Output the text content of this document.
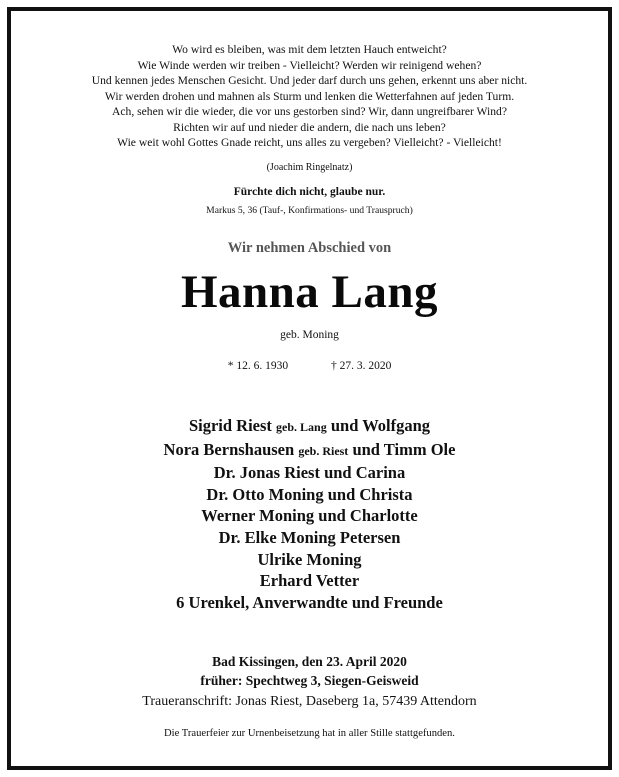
Wo wird es bleiben, was mit dem letzten Hauch entweicht?
Wie Winde werden wir treiben - Vielleicht? Werden wir reinigend wehen?
Und kennen jedes Menschen Gesicht. Und jeder darf durch uns gehen, erkennt uns aber nicht.
Wir werden drohen und mahnen als Sturm und lenken die Wetterfahnen auf jeden Turm.
Ach, sehen wir die wieder, die vor uns gestorben sind? Wir, dann ungreifbarer Wind?
Richten wir auf und nieder die andern, die nach uns leben?
Wie weit wohl Gottes Gnade reicht, uns alles zu vergeben? Vielleicht? - Vielleicht!
(Joachim Ringelnatz)
Fürchte dich nicht, glaube nur.
Markus 5, 36 (Tauf-, Konfirmations- und Trauspruch)
Wir nehmen Abschied von
Hanna Lang
geb. Moning
* 12. 6. 1930	† 27. 3. 2020
Sigrid Riest geb. Lang und Wolfgang
Nora Bernshausen geb. Riest und Timm Ole
Dr. Jonas Riest und Carina
Dr. Otto Moning und Christa
Werner Moning und Charlotte
Dr. Elke Moning Petersen
Ulrike Moning
Erhard Vetter
6 Urenkel, Anverwandte und Freunde
Bad Kissingen, den 23. April 2020
früher: Spechtweg 3, Siegen-Geisweid
Traueranschrift: Jonas Riest, Daseberg 1a, 57439 Attendorn
Die Trauerfeier zur Urnenbeisetzung hat in aller Stille stattgefunden.
